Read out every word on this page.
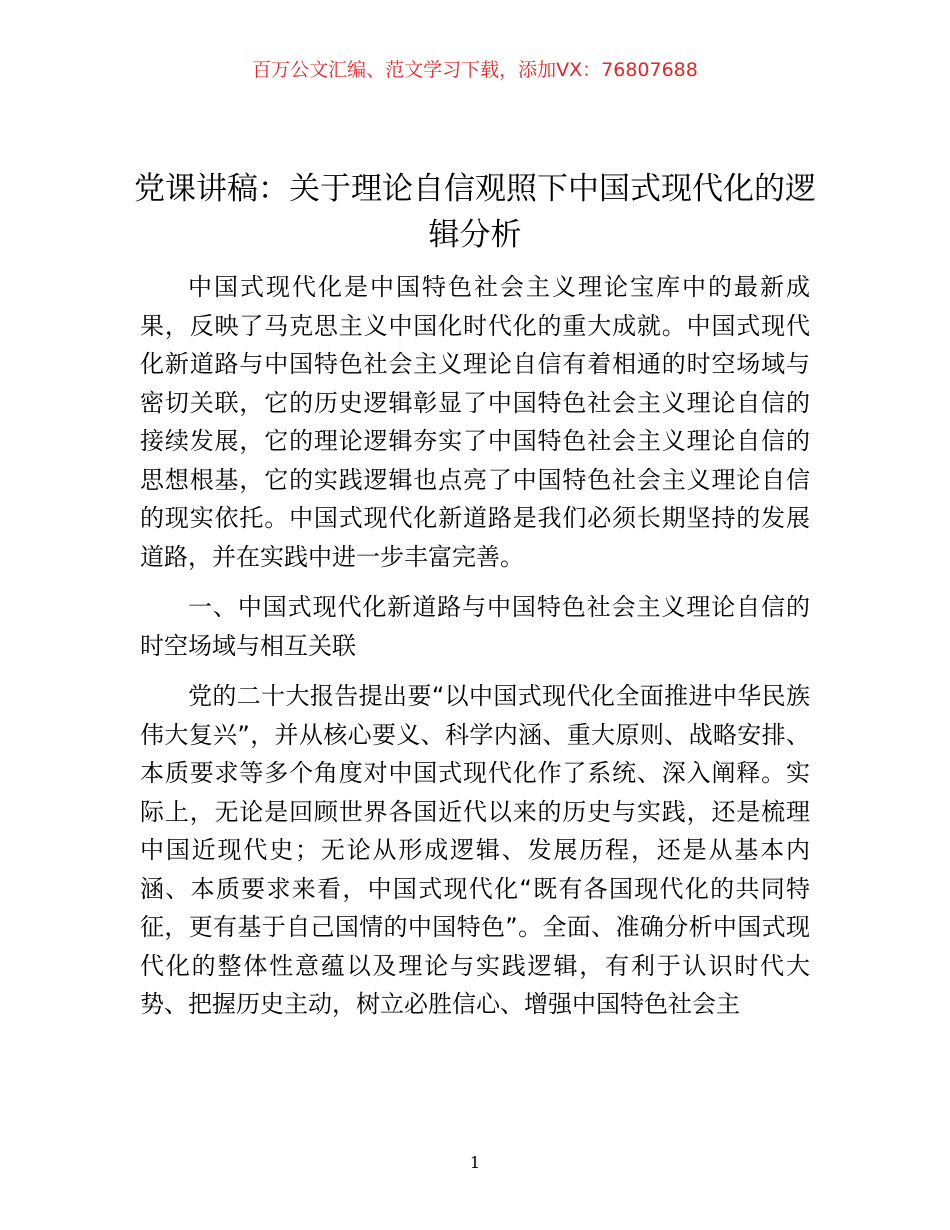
百万公文汇编、范文学习下载，添加VX：76807688
党课讲稿：关于理论自信观照下中国式现代化的逻辑分析

中国式现代化是中国特色社会主义理论宝库中的最新成果，反映了马克思主义中国化时代化的重大成就。中国式现代化新道路与中国特色社会主义理论自信有着相通的时空场域与密切关联，它的历史逻辑彰显了中国特色社会主义理论自信的接续发展，它的理论逻辑夯实了中国特色社会主义理论自信的思想根基，它的实践逻辑也点亮了中国特色社会主义理论自信的现实依托。中国式现代化新道路是我们必须长期坚持的发展道路，并在实践中进一步丰富完善。

一、中国式现代化新道路与中国特色社会主义理论自信的时空场域与相互关联

党的二十大报告提出要“以中国式现代化全面推进中华民族伟大复兴”，并从核心要义、科学内涵、重大原则、战略安排、本质要求等多个角度对中国式现代化作了系统、深入阐释。实际上，无论是回顾世界各国近代以来的历史与实践，还是梳理中国近现代史；无论从形成逻辑、发展历程，还是从基本内涵、本质要求来看，中国式现代化“既有各国现代化的共同特征，更有基于自己国情的中国特色”。全面、准确分析中国式现代化的整体性意蕴以及理论与实践逻辑，有利于认识时代大势、把握历史主动，树立必胜信心、增强中国特色社会主

1
